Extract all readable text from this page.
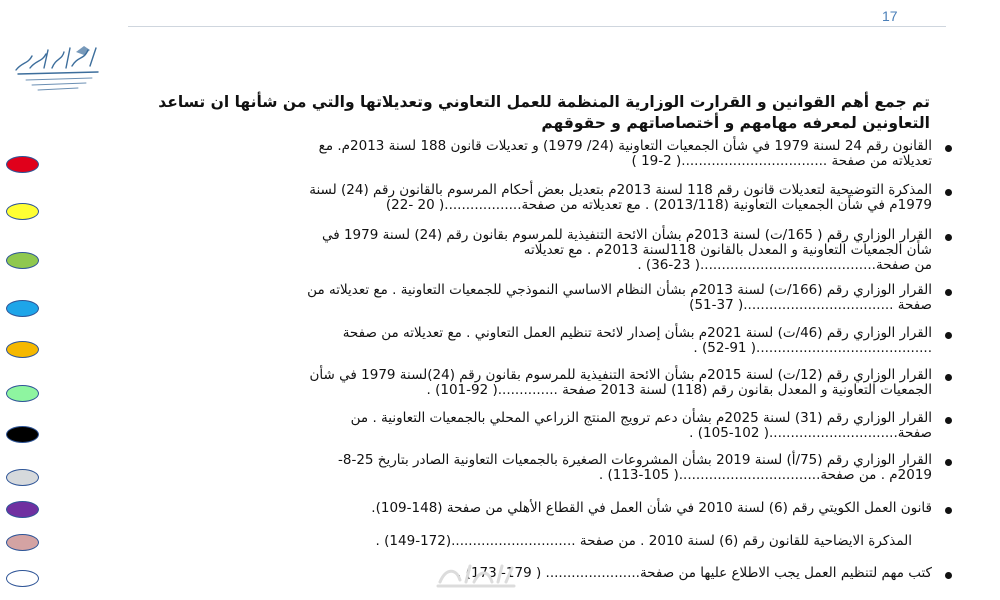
17
تم جمع أهم القوانين و القرارت الوزارية المنظمة للعمل التعاوني وتعديلاتها والتي من شأنها ان تساعد التعاونين لمعرفه مهامهم و أختصاصاتهم و حقوقهم
القانون رقم 24 لسنة 1979 في شأن الجمعيات التعاونية (24/ 1979) و تعديلات قانون 188 لسنة 2013م. مع
تعديلاته من صفحة ..................................( 2-19 )
المذكرة التوضيحية لتعديلات قانون رقم 118 لسنة 2013م بتعديل بعض أحكام المرسوم بالقانون رقم (24) لسنة
1979م في شأن الجمعيات التعاونية (2013/118) . مع تعديلاته من صفحة..................( 20 -22)
القرار الوزاري رقم ( 165/ت) لسنة 2013م بشأن الائحة التنفيذية للمرسوم بقانون رقم (24) لسنة 1979 في
شأن الجمعيات التعاونية و المعدل بالقانون 118لسنة 2013م . مع تعديلاته
من صفحة.........................................( 23-36) .
القرار الوزاري رقم (166/ت) لسنة 2013م بشأن النظام الاساسي النموذجي للجمعيات التعاونية . مع تعديلاته من
صفحة ...................................( 37-51)
القرار الوزاري رقم (46/ت) لسنة 2021م بشأن إصدار لائحة تنظيم العمل التعاوني . مع تعديلاته من صفحة
.........................................( 52-91) .
القرار الوزاري رقم (12/ت) لسنة 2015م بشأن الائحة التنفيذية للمرسوم بقانون رقم (24)لسنة 1979 في شأن
الجمعيات التعاونية و المعدل بقانون رقم (118) لسنة 2013 صفحة ..............( 92-101) .
القرار الوزاري رقم (31) لسنة 2025م بشأن دعم ترويج المنتج الزراعي المحلي بالجمعيات التعاونية . من
صفحة..............................( 102-105) .
القرار الوزاري رقم (75/أ) لسنة 2019 بشأن المشروعات الصغيرة بالجمعيات التعاونية الصادر بتاريخ 25-8-
2019م . من صفحة.................................( 105-113) .
قانون العمل الكويتي رقم (6) لسنة 2010 في شأن العمل في القطاع الأهلي من صفحة (148-109).
المذكرة الايضاحية للقانون رقم (6) لسنة 2010 . من صفحة .............................(172-149) .
كتب مهم لتنظيم العمل يجب الاطلاع عليها من صفحة...................... ( 179- 173) .
